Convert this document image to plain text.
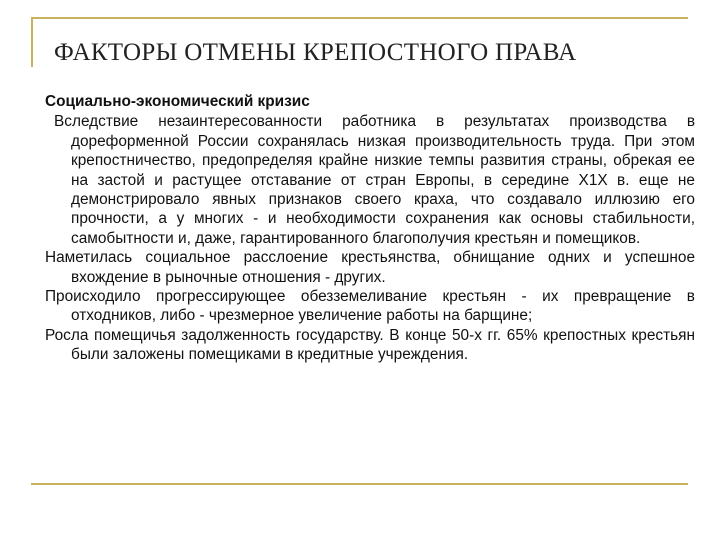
ФАКТОРЫ ОТМЕНЫ КРЕПОСТНОГО ПРАВА

Социально-экономический кризис

Вследствие незаинтересованности работника в результатах производства в дореформенной России сохранялась низкая производительность труда. При этом крепостничество, предопределяя крайне низкие темпы развития страны, обрекая ее на застой и растущее отставание от стран Европы, в середине Х1Х в. еще не демонстрировало явных признаков своего краха, что создавало иллюзию его прочности, а у многих - и необходимости сохранения как основы стабильности, самобытности и, даже, гарантированного благополучия крестьян и помещиков.

Наметилась социальное расслоение крестьянства, обнищание одних и успешное вхождение в рыночные отношения - других.

Происходило прогрессирующее обезземеливание крестьян - их превращение в отходников, либо - чрезмерное увеличение работы на барщине;

Росла помещичья задолженность государству. В конце 50-х гг. 65% крепостных крестьян были заложены помещиками в кредитные учреждения.
